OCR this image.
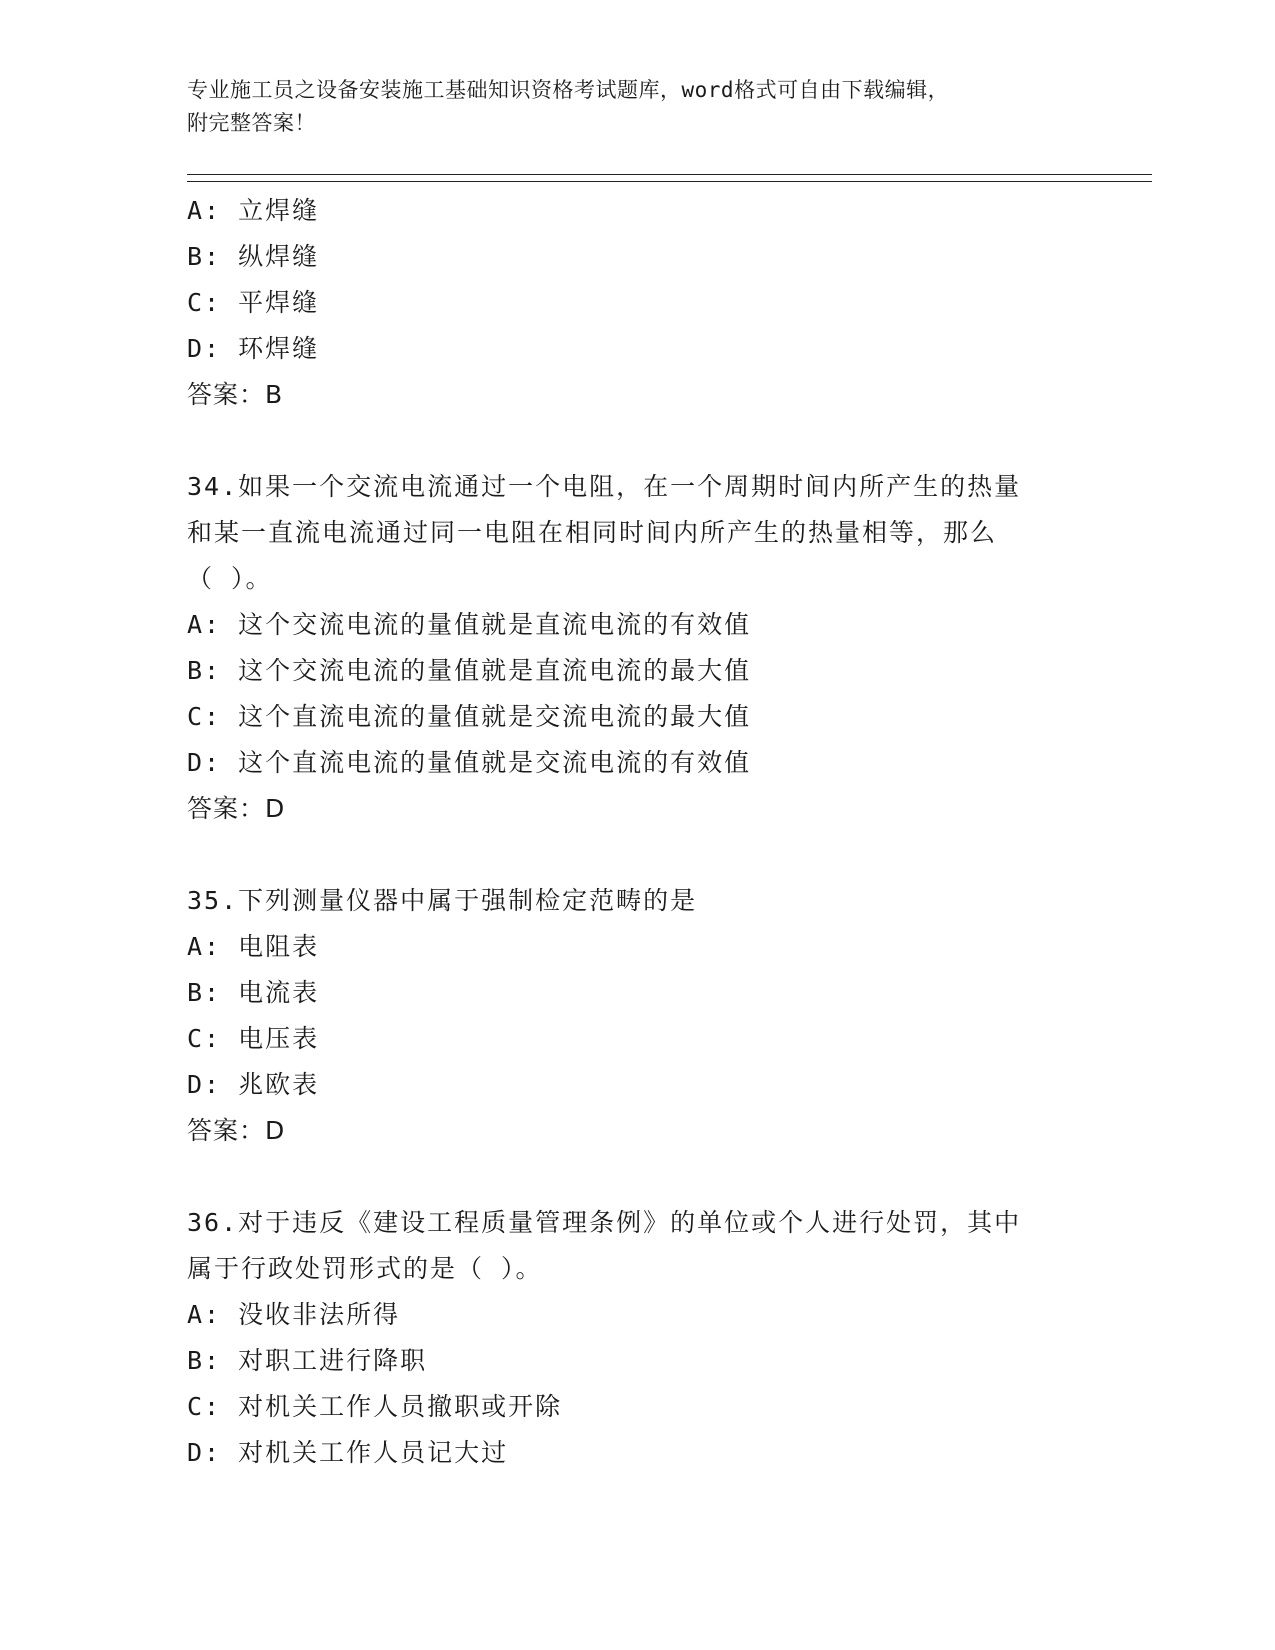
专业施工员之设备安装施工基础知识资格考试题库，word格式可自由下载编辑，
附完整答案！
A: 立焊缝
B: 纵焊缝
C: 平焊缝
D: 环焊缝
答案：B
34.如果一个交流电流通过一个电阻，在一个周期时间内所产生的热量
和某一直流电流通过同一电阻在相同时间内所产生的热量相等，那么
（ ）。
A: 这个交流电流的量值就是直流电流的有效值
B: 这个交流电流的量值就是直流电流的最大值
C: 这个直流电流的量值就是交流电流的最大值
D: 这个直流电流的量值就是交流电流的有效值
答案：D
35.下列测量仪器中属于强制检定范畴的是
A: 电阻表
B: 电流表
C: 电压表
D: 兆欧表
答案：D
36.对于违反《建设工程质量管理条例》的单位或个人进行处罚，其中
属于行政处罚形式的是（ ）。
A: 没收非法所得
B: 对职工进行降职
C: 对机关工作人员撤职或开除
D: 对机关工作人员记大过
